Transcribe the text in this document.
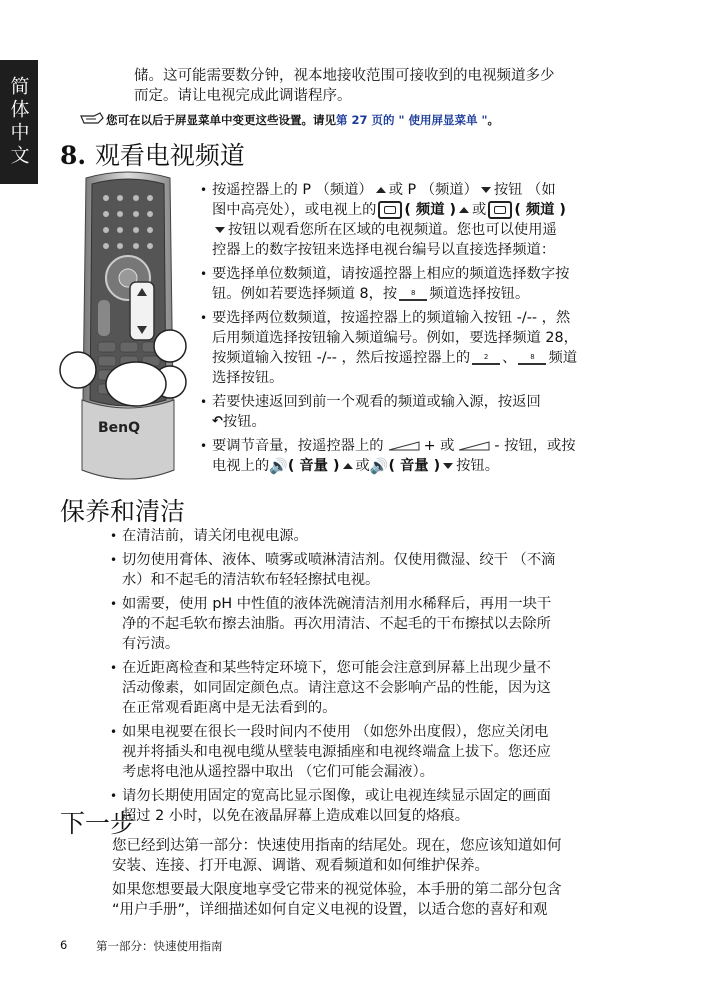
简体中文	储。这可能需要数分钟，视本地接收范围可接收到的电视频道多少
而定。请让电视完成此调谐程序。
您可在以后于屏显菜单中变更这些设置。请见第 27 页的 " 使用屏显菜单 "。
8. 观看电视频道
BenQ
• 按遥控器上的 P （频道） 或 P （频道） 按钮 （如
图中高亮处），或电视上的 ( 频道 ) 或 ( 频道 )
按钮以观看您所在区域的电视频道。您也可以使用遥
控器上的数字按钮来选择电视台编号以直接选择频道：
• 要选择单位数频道，请按遥控器上相应的频道选择数字按
钮。例如若要选择频道 8，按 8 频道选择按钮。
• 要选择两位数频道，按遥控器上的频道输入按钮 -/-- ，然
后用频道选择按钮输入频道编号。例如，要选择频道 28，
按频道输入按钮 -/-- ，然后按遥控器上的 2 、 8 频道
选择按钮。
• 若要快速返回到前一个观看的频道或输入源，按返回
↶按钮。
• 要调节音量，按遥控器上的	+ 或	- 按钮，或按
电视上的🔊( 音量 ) 或🔊( 音量 ) 按钮。
保养和清洁
• 在清洁前，请关闭电视电源。
• 切勿使用膏体、液体、喷雾或喷淋清洁剂。仅使用微湿、绞干 （不滴
水）和不起毛的清洁软布轻轻擦拭电视。
• 如需要，使用 pH 中性值的液体洗碗清洁剂用水稀释后，再用一块干
净的不起毛软布擦去油脂。再次用清洁、不起毛的干布擦拭以去除所
有污渍。
• 在近距离检查和某些特定环境下，您可能会注意到屏幕上出现少量不
活动像素，如同固定颜色点。请注意这不会影响产品的性能，因为这
在正常观看距离中是无法看到的。
• 如果电视要在很长一段时间内不使用 （如您外出度假），您应关闭电
视并将插头和电视电缆从壁装电源插座和电视终端盒上拔下。您还应
考虑将电池从遥控器中取出 （它们可能会漏液）。
• 请勿长期使用固定的宽高比显示图像，或让电视连续显示固定的画面
超过 2 小时，以免在液晶屏幕上造成难以回复的烙痕。
下一步
您已经到达第一部分：快速使用指南的结尾处。现在，您应该知道如何
安装、连接、打开电源、调谐、观看频道和如何维护保养。
如果您想要最大限度地享受它带来的视觉体验，本手册的第二部分包含
“用户手册”，详细描述如何自定义电视的设置，以适合您的喜好和观
6 第一部分：快速使用指南
